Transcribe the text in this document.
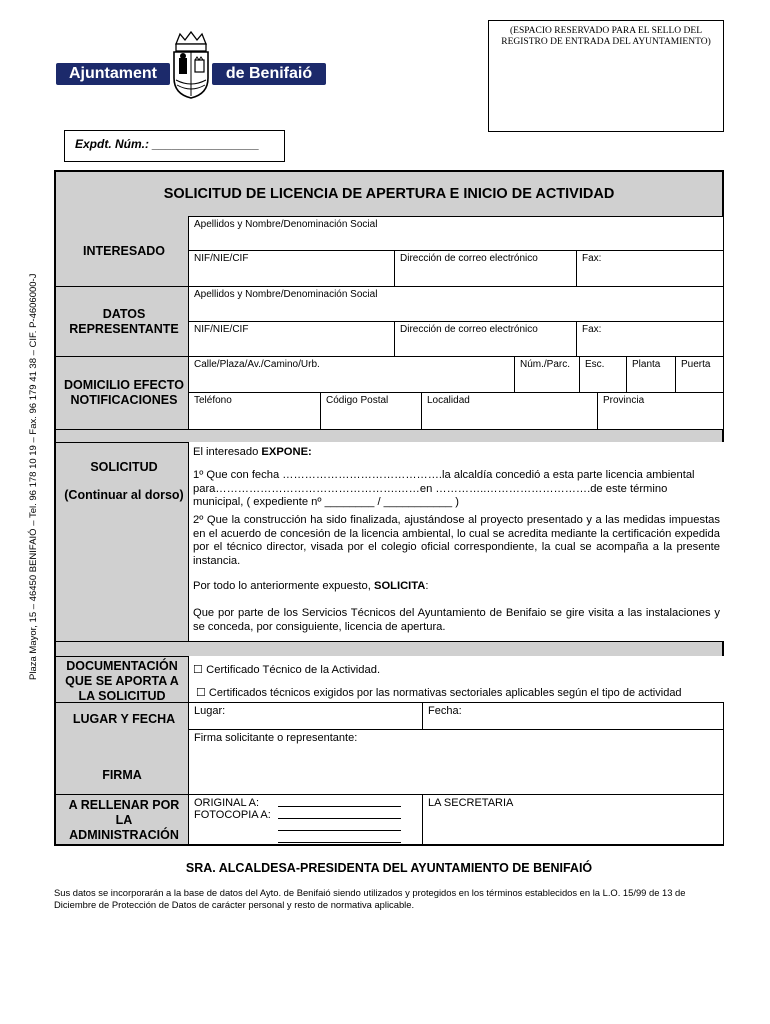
Ajuntament	de Benifaió
(ESPACIO RESERVADO PARA EL SELLO DEL
REGISTRO DE ENTRADA DEL AYUNTAMIENTO)
Expdt. Núm.: ________________
Plaza Mayor, 15 – 46450 BENIFAIÓ – Tel. 96 178 10 19 – Fax. 96 179 41 38 – CIF. P-4606000-J
SOLICITUD DE LICENCIA DE APERTURA E INICIO DE ACTIVIDAD
INTERESADO
Apellidos y Nombre/Denominación Social
NIF/NIE/CIF	Dirección de correo electrónico	Fax:
DATOS
REPRESENTANTE
Apellidos y Nombre/Denominación Social
NIF/NIE/CIF	Dirección de correo electrónico	Fax:
DOMICILIO EFECTO
NOTIFICACIONES
Calle/Plaza/Av./Camino/Urb.	Núm./Parc.	Esc.	Planta	Puerta
Teléfono	Código Postal	Localidad	Provincia
SOLICITUD
(Continuar al dorso)
El interesado EXPONE:
1º Que con fecha …………………………………….la alcaldía concedió a esta parte licencia ambiental
para………………………………………….……en …………..……………………….de este término
municipal, ( expediente nº ________ / ___________ )
2º Que la construcción ha sido finalizada, ajustándose al proyecto presentado y a las medidas impuestas en el acuerdo de concesión de la licencia ambiental, lo cual se acredita mediante la certificación expedida por el técnico director, visada por el colegio oficial correspondiente, la cual se acompaña a la presente instancia.
Por todo lo anteriormente expuesto, SOLICITA:
Que por parte de los Servicios Técnicos del Ayuntamiento de Benifaio se gire visita a las instalaciones y se conceda, por consiguiente, licencia de apertura.
DOCUMENTACIÓN
QUE SE APORTA A
LA SOLICITUD
☐ Certificado Técnico de la Actividad.
☐ Certificados técnicos exigidos por las normativas sectoriales aplicables según el tipo de actividad
LUGAR Y FECHA
Lugar:	Fecha:
FIRMA
Firma solicitante o representante:
A RELLENAR POR
LA
ADMINISTRACIÓN
ORIGINAL A:
FOTOCOPIA A:
LA SECRETARIA
SRA. ALCALDESA-PRESIDENTA DEL AYUNTAMIENTO DE BENIFAIÓ
Sus datos se incorporarán a la base de datos del Ayto. de Benifaió siendo utilizados y protegidos en los términos establecidos en la L.O. 15/99 de 13 de Diciembre de Protección de Datos de carácter personal y resto de normativa aplicable.
